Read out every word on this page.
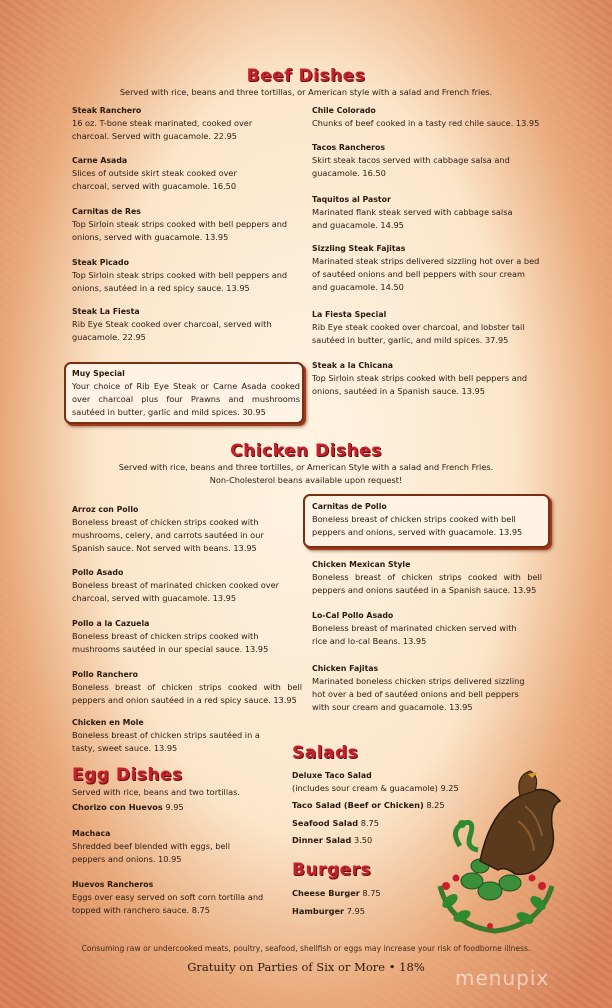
Beef Dishes
Served with rice, beans and three tortillas, or American style with a salad and French fries.
Steak Ranchero
16 oz. T-bone steak marinated, cooked over charcoal. Served with guacamole. 22.95
Carne Asada
Slices of outside skirt steak cooked over charcoal, served with guacamole. 16.50
Carnitas de Res
Top Sirloin steak strips cooked with bell peppers and onions, served with guacamole. 13.95
Steak Picado
Top Sirloin steak strips cooked with bell peppers and onions, sautéed in a red spicy sauce. 13.95
Steak La Fiesta
Rib Eye Steak cooked over charcoal, served with guacamole. 22.95
Muy Special
Your choice of Rib Eye Steak or Carne Asada cooked over charcoal plus four Prawns and mushrooms sautéed in butter, garlic and mild spices. 30.95
Chile Colorado
Chunks of beef cooked in a tasty red chile sauce. 13.95
Tacos Rancheros
Skirt steak tacos served with cabbage salsa and guacamole. 16.50
Taquitos al Pastor
Marinated flank steak served with cabbage salsa and guacamole. 14.95
Sizzling Steak Fajitas
Marinated steak strips delivered sizzling hot over a bed of sautéed onions and bell peppers with sour cream and guacamole. 14.50
La Fiesta Special
Rib Eye steak cooked over charcoal, and lobster tail sautéed in butter, garlic, and mild spices. 37.95
Steak a la Chicana
Top Sirloin steak strips cooked with bell peppers and onions, sautéed in a Spanish sauce. 13.95
Chicken Dishes
Served with rice, beans and three tortilles, or American Style with a salad and French Fries.
Non-Cholesterol beans available upon request!
Arroz con Pollo
Boneless breast of chicken strips cooked with mushrooms, celery, and carrots sautéed in our Spanish sauce. Not served with beans. 13.95
Pollo Asado
Boneless breast of marinated chicken cooked over charcoal, served with guacamole. 13.95
Pollo a la Cazuela
Boneless breast of chicken strips cooked with mushrooms sautéed in our special sauce. 13.95
Pollo Ranchero
Boneless breast of chicken strips cooked with bell peppers and onion sautéed in a red spicy sauce. 13.95
Chicken en Mole
Boneless breast of chicken strips sautéed in a tasty, sweet sauce. 13.95
Carnitas de Pollo
Boneless breast of chicken strips cooked with bell peppers and onions, served with guacamole. 13.95
Chicken Mexican Style
Boneless breast of chicken strips cooked with bell peppers and onions sautéed in a Spanish sauce. 13.95
Lo-Cal Pollo Asado
Boneless breast of marinated chicken served with rice and lo-cal Beans. 13.95
Chicken Fajitas
Marinated boneless chicken strips delivered sizzling hot over a bed of sautéed onions and bell peppers with sour cream and guacamole. 13.95
Egg Dishes
Served with rice, beans and two tortillas.
Chorizo con Huevos 9.95
Machaca
Shredded beef blended with eggs, bell peppers and onions. 10.95
Huevos Rancheros
Eggs over easy served on soft corn tortilla and topped with ranchero sauce. 8.75
Salads
Deluxe Taco Salad
(includes sour cream & guacamole) 9.25
Taco Salad (Beef or Chicken) 8.25
Seafood Salad 8.75
Dinner Salad 3.50
Burgers
Cheese Burger 8.75
Hamburger 7.95
Consuming raw or undercooked meats, poultry, seafood, shellfish or eggs may increase your risk of foodborne illness.
Gratuity on Parties of Six or More • 18%	menupix
